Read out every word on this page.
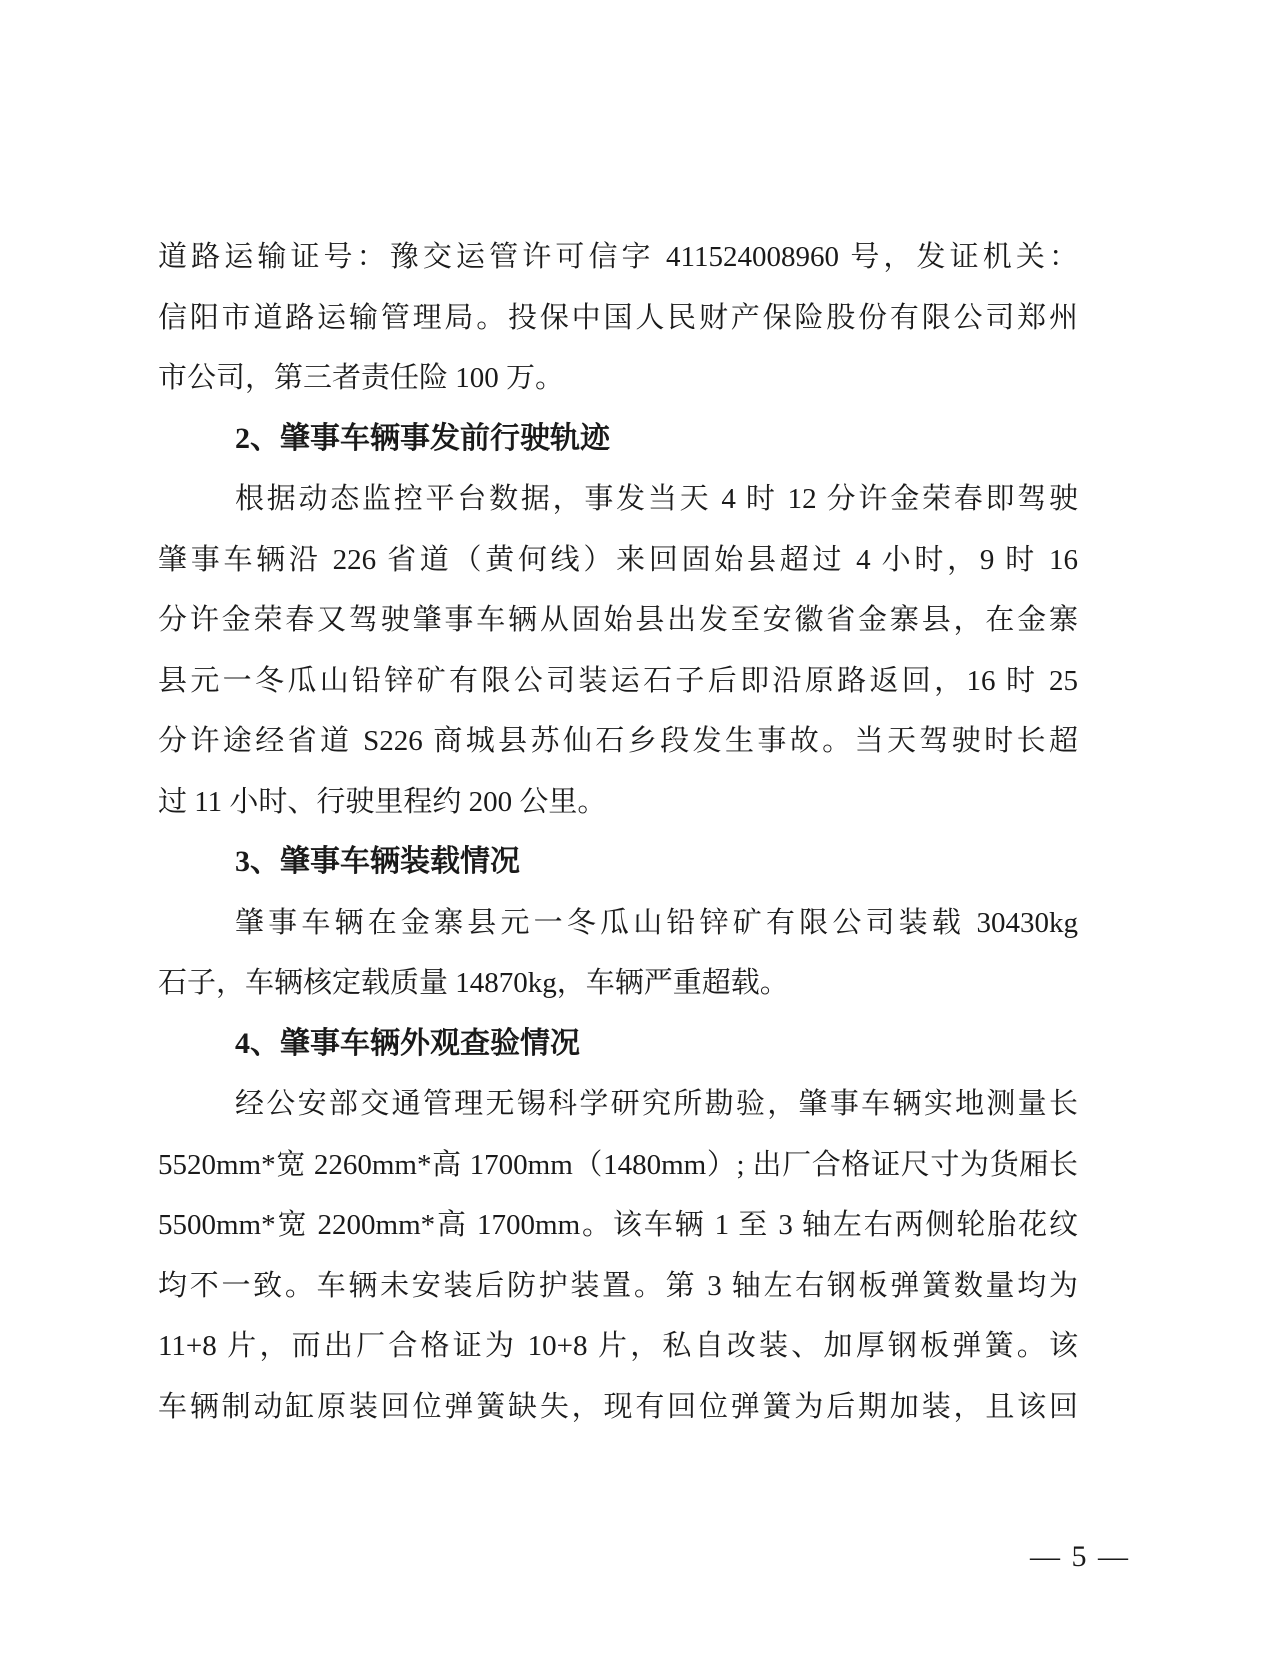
道路运输证号：豫交运管许可信字 411524008960 号，发证机关：
信阳市道路运输管理局。投保中国人民财产保险股份有限公司郑州
市公司，第三者责任险 100 万。
2、肇事车辆事发前行驶轨迹
根据动态监控平台数据，事发当天 4 时 12 分许金荣春即驾驶
肇事车辆沿 226 省道（黄何线）来回固始县超过 4 小时，9 时 16
分许金荣春又驾驶肇事车辆从固始县出发至安徽省金寨县，在金寨
县元一冬瓜山铅锌矿有限公司装运石子后即沿原路返回，16 时 25
分许途经省道 S226 商城县苏仙石乡段发生事故。当天驾驶时长超
过 11 小时、行驶里程约 200 公里。
3、肇事车辆装载情况
肇事车辆在金寨县元一冬瓜山铅锌矿有限公司装载 30430kg
石子，车辆核定载质量 14870kg，车辆严重超载。
4、肇事车辆外观查验情况
经公安部交通管理无锡科学研究所勘验，肇事车辆实地测量长
5520mm*宽 2260mm*高 1700mm（1480mm）; 出厂合格证尺寸为货厢长
5500mm*宽 2200mm*高 1700mm。该车辆 1 至 3 轴左右两侧轮胎花纹
均不一致。车辆未安装后防护装置。第 3 轴左右钢板弹簧数量均为
11+8 片，而出厂合格证为 10+8 片，私自改装、加厚钢板弹簧。该
车辆制动缸原装回位弹簧缺失，现有回位弹簧为后期加装，且该回
— 5 —
